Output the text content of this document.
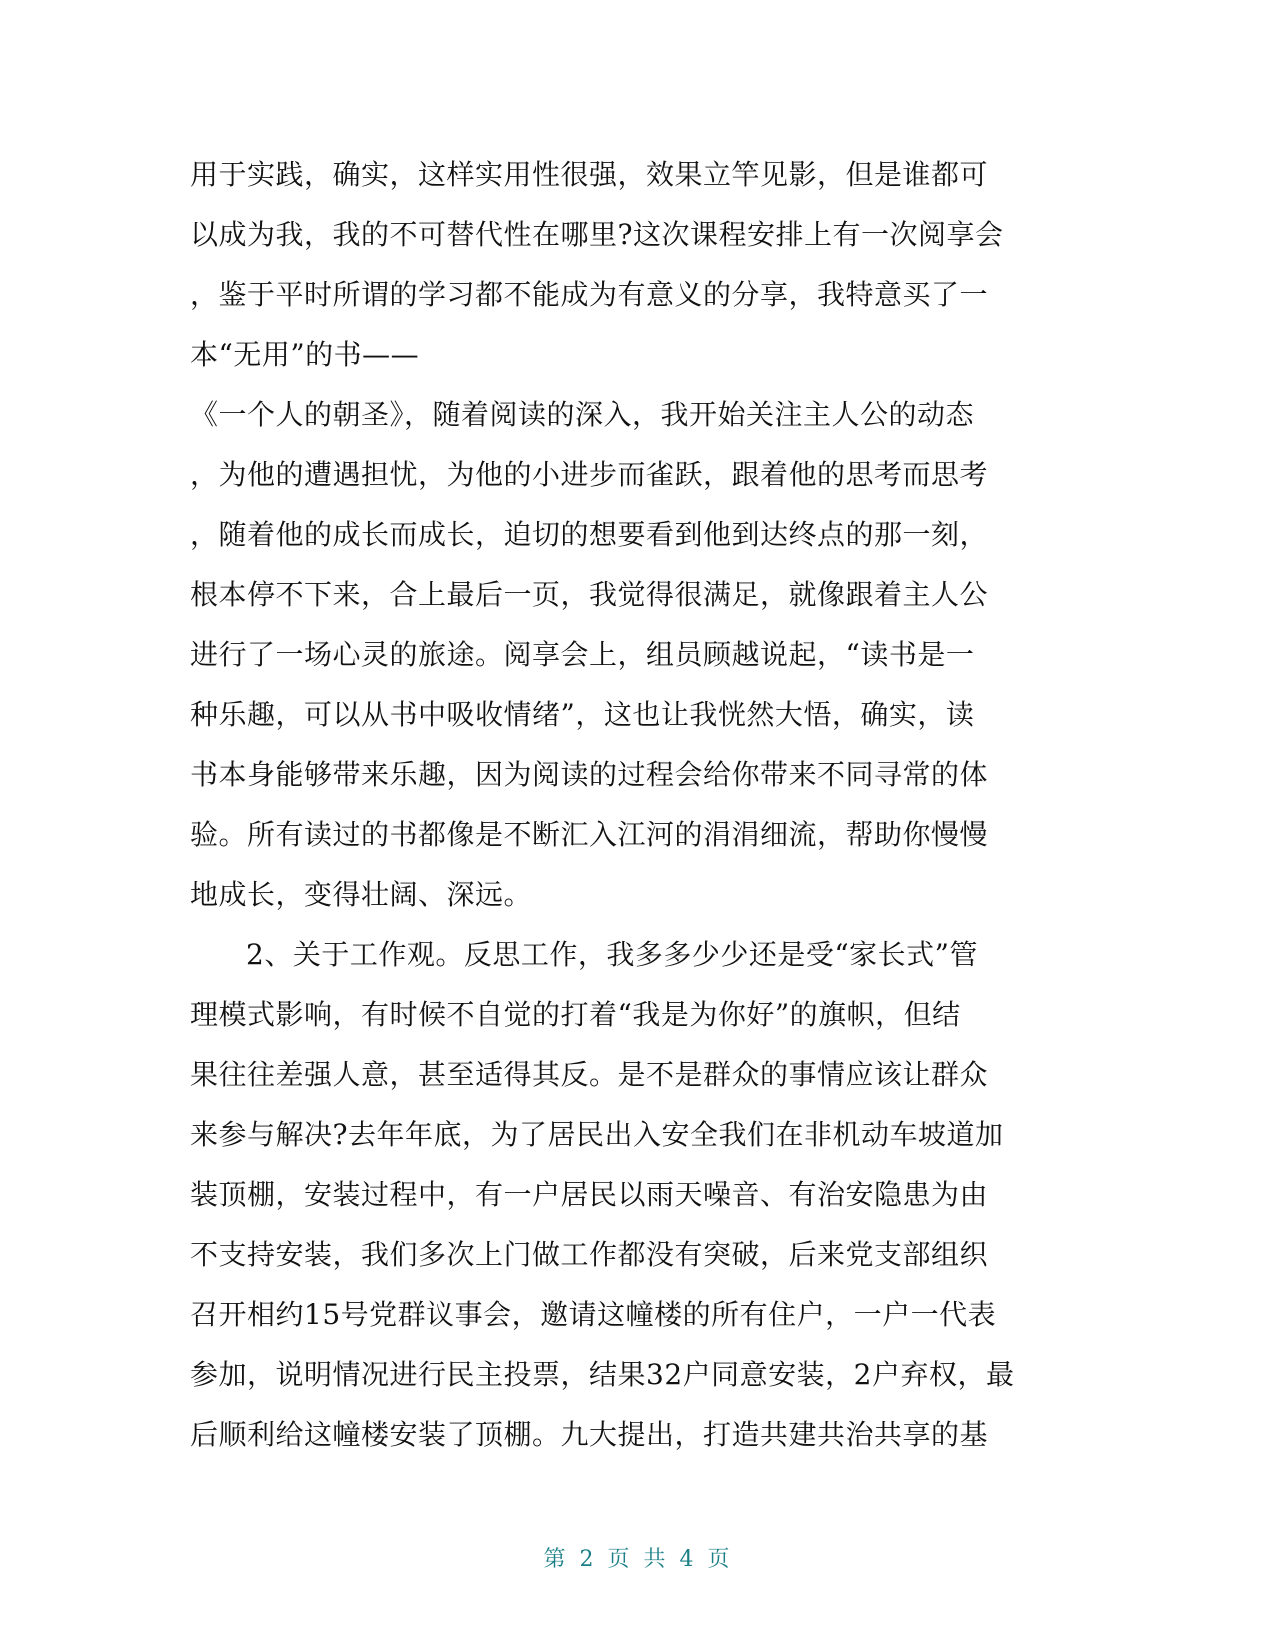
用于实践，确实，这样实用性很强，效果立竿见影，但是谁都可
以成为我，我的不可替代性在哪里?这次课程安排上有一次阅享会
，鉴于平时所谓的学习都不能成为有意义的分享，我特意买了一
本“无用”的书——
《一个人的朝圣》，随着阅读的深入，我开始关注主人公的动态
，为他的遭遇担忧，为他的小进步而雀跃，跟着他的思考而思考
，随着他的成长而成长，迫切的想要看到他到达终点的那一刻，
根本停不下来，合上最后一页，我觉得很满足，就像跟着主人公
进行了一场心灵的旅途。阅享会上，组员顾越说起，“读书是一
种乐趣，可以从书中吸收情绪”，这也让我恍然大悟，确实，读
书本身能够带来乐趣，因为阅读的过程会给你带来不同寻常的体
验。所有读过的书都像是不断汇入江河的涓涓细流，帮助你慢慢
地成长，变得壮阔、深远。
2、关于工作观。反思工作，我多多少少还是受“家长式”管
理模式影响，有时候不自觉的打着“我是为你好”的旗帜，但结
果往往差强人意，甚至适得其反。是不是群众的事情应该让群众
来参与解决?去年年底，为了居民出入安全我们在非机动车坡道加
装顶棚，安装过程中，有一户居民以雨天噪音、有治安隐患为由
不支持安装，我们多次上门做工作都没有突破，后来党支部组织
召开相约15号党群议事会，邀请这幢楼的所有住户，一户一代表
参加，说明情况进行民主投票，结果32户同意安装，2户弃权，最
后顺利给这幢楼安装了顶棚。九大提出，打造共建共治共享的基
第 2 页 共 4 页
